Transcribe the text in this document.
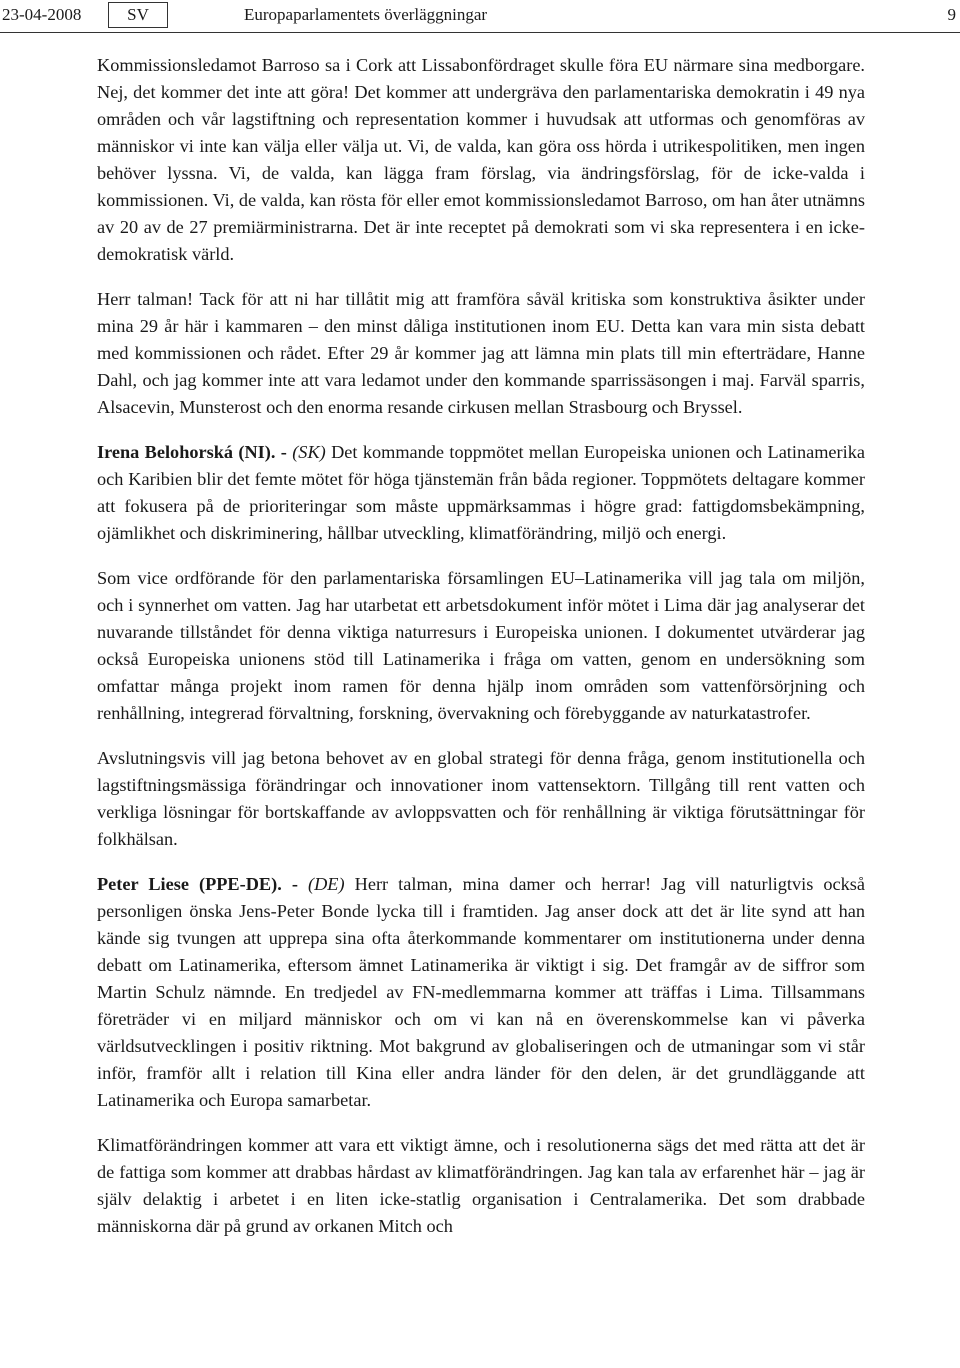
23-04-2008	SV	Europaparlamentets överläggningar	9

Kommissionsledamot Barroso sa i Cork att Lissabonfördraget skulle föra EU närmare sina medborgare. Nej, det kommer det inte att göra! Det kommer att undergräva den parlamentariska demokratin i 49 nya områden och vår lagstiftning och representation kommer i huvudsak att utformas och genomföras av människor vi inte kan välja eller välja ut. Vi, de valda, kan göra oss hörda i utrikespolitiken, men ingen behöver lyssna. Vi, de valda, kan lägga fram förslag, via ändringsförslag, för de icke-valda i kommissionen. Vi, de valda, kan rösta för eller emot kommissionsledamot Barroso, om han åter utnämns av 20 av de 27 premiärministrarna. Det är inte receptet på demokrati som vi ska representera i en icke-demokratisk värld.

Herr talman! Tack för att ni har tillåtit mig att framföra såväl kritiska som konstruktiva åsikter under mina 29 år här i kammaren – den minst dåliga institutionen inom EU. Detta kan vara min sista debatt med kommissionen och rådet. Efter 29 år kommer jag att lämna min plats till min efterträdare, Hanne Dahl, och jag kommer inte att vara ledamot under den kommande sparrissäsongen i maj. Farväl sparris, Alsacevin, Munsterost och den enorma resande cirkusen mellan Strasbourg och Bryssel.

Irena Belohorská (NI). - (SK) Det kommande toppmötet mellan Europeiska unionen och Latinamerika och Karibien blir det femte mötet för höga tjänstemän från båda regioner. Toppmötets deltagare kommer att fokusera på de prioriteringar som måste uppmärksammas i högre grad: fattigdomsbekämpning, ojämlikhet och diskriminering, hållbar utveckling, klimatförändring, miljö och energi.

Som vice ordförande för den parlamentariska församlingen EU–Latinamerika vill jag tala om miljön, och i synnerhet om vatten. Jag har utarbetat ett arbetsdokument inför mötet i Lima där jag analyserar det nuvarande tillståndet för denna viktiga naturresurs i Europeiska unionen. I dokumentet utvärderar jag också Europeiska unionens stöd till Latinamerika i fråga om vatten, genom en undersökning som omfattar många projekt inom ramen för denna hjälp inom områden som vattenförsörjning och renhållning, integrerad förvaltning, forskning, övervakning och förebyggande av naturkatastrofer.

Avslutningsvis vill jag betona behovet av en global strategi för denna fråga, genom institutionella och lagstiftningsmässiga förändringar och innovationer inom vattensektorn. Tillgång till rent vatten och verkliga lösningar för bortskaffande av avloppsvatten och för renhållning är viktiga förutsättningar för folkhälsan.

Peter Liese (PPE-DE). - (DE) Herr talman, mina damer och herrar! Jag vill naturligtvis också personligen önska Jens-Peter Bonde lycka till i framtiden. Jag anser dock att det är lite synd att han kände sig tvungen att upprepa sina ofta återkommande kommentarer om institutionerna under denna debatt om Latinamerika, eftersom ämnet Latinamerika är viktigt i sig. Det framgår av de siffror som Martin Schulz nämnde. En tredjedel av FN-medlemmarna kommer att träffas i Lima. Tillsammans företräder vi en miljard människor och om vi kan nå en överenskommelse kan vi påverka världsutvecklingen i positiv riktning. Mot bakgrund av globaliseringen och de utmaningar som vi står inför, framför allt i relation till Kina eller andra länder för den delen, är det grundläggande att Latinamerika och Europa samarbetar.

Klimatförändringen kommer att vara ett viktigt ämne, och i resolutionerna sägs det med rätta att det är de fattiga som kommer att drabbas hårdast av klimatförändringen. Jag kan tala av erfarenhet här – jag är själv delaktig i arbetet i en liten icke-statlig organisation i Centralamerika. Det som drabbade människorna där på grund av orkanen Mitch och
